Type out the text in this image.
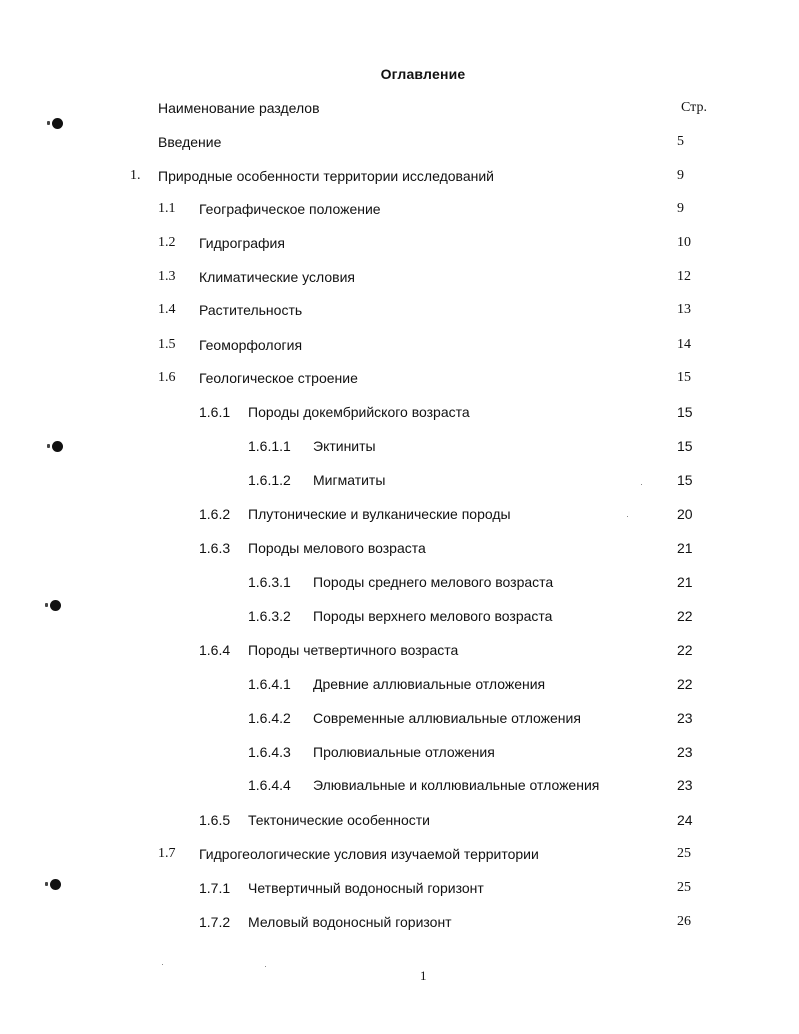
Оглавление
Наименование разделов	Стр.
Введение	5
1. Природные особенности территории исследований	9
1.1 Географическое положение	9
1.2 Гидрография	10
1.3 Климатические условия	12
1.4 Растительность	13
1.5 Геоморфология	14
1.6 Геологическое строение	15
1.6.1 Породы докембрийского возраста	15
1.6.1.1 Эктиниты	15
1.6.1.2 Мигматиты	15
1.6.2 Плутонические и вулканические породы	20
1.6.3 Породы мелового возраста	21
1.6.3.1 Породы среднего мелового возраста	21
1.6.3.2 Породы верхнего мелового возраста	22
1.6.4 Породы четвертичного возраста	22
1.6.4.1 Древние аллювиальные отложения	22
1.6.4.2 Современные аллювиальные отложения	23
1.6.4.3 Пролювиальные отложения	23
1.6.4.4 Элювиальные и коллювиальные отложения	23
1.6.5 Тектонические особенности	24
1.7 Гидрогеологические условия изучаемой территории	25
1.7.1 Четвертичный водоносный горизонт	25
1.7.2 Меловый водоносный горизонт	26
1
